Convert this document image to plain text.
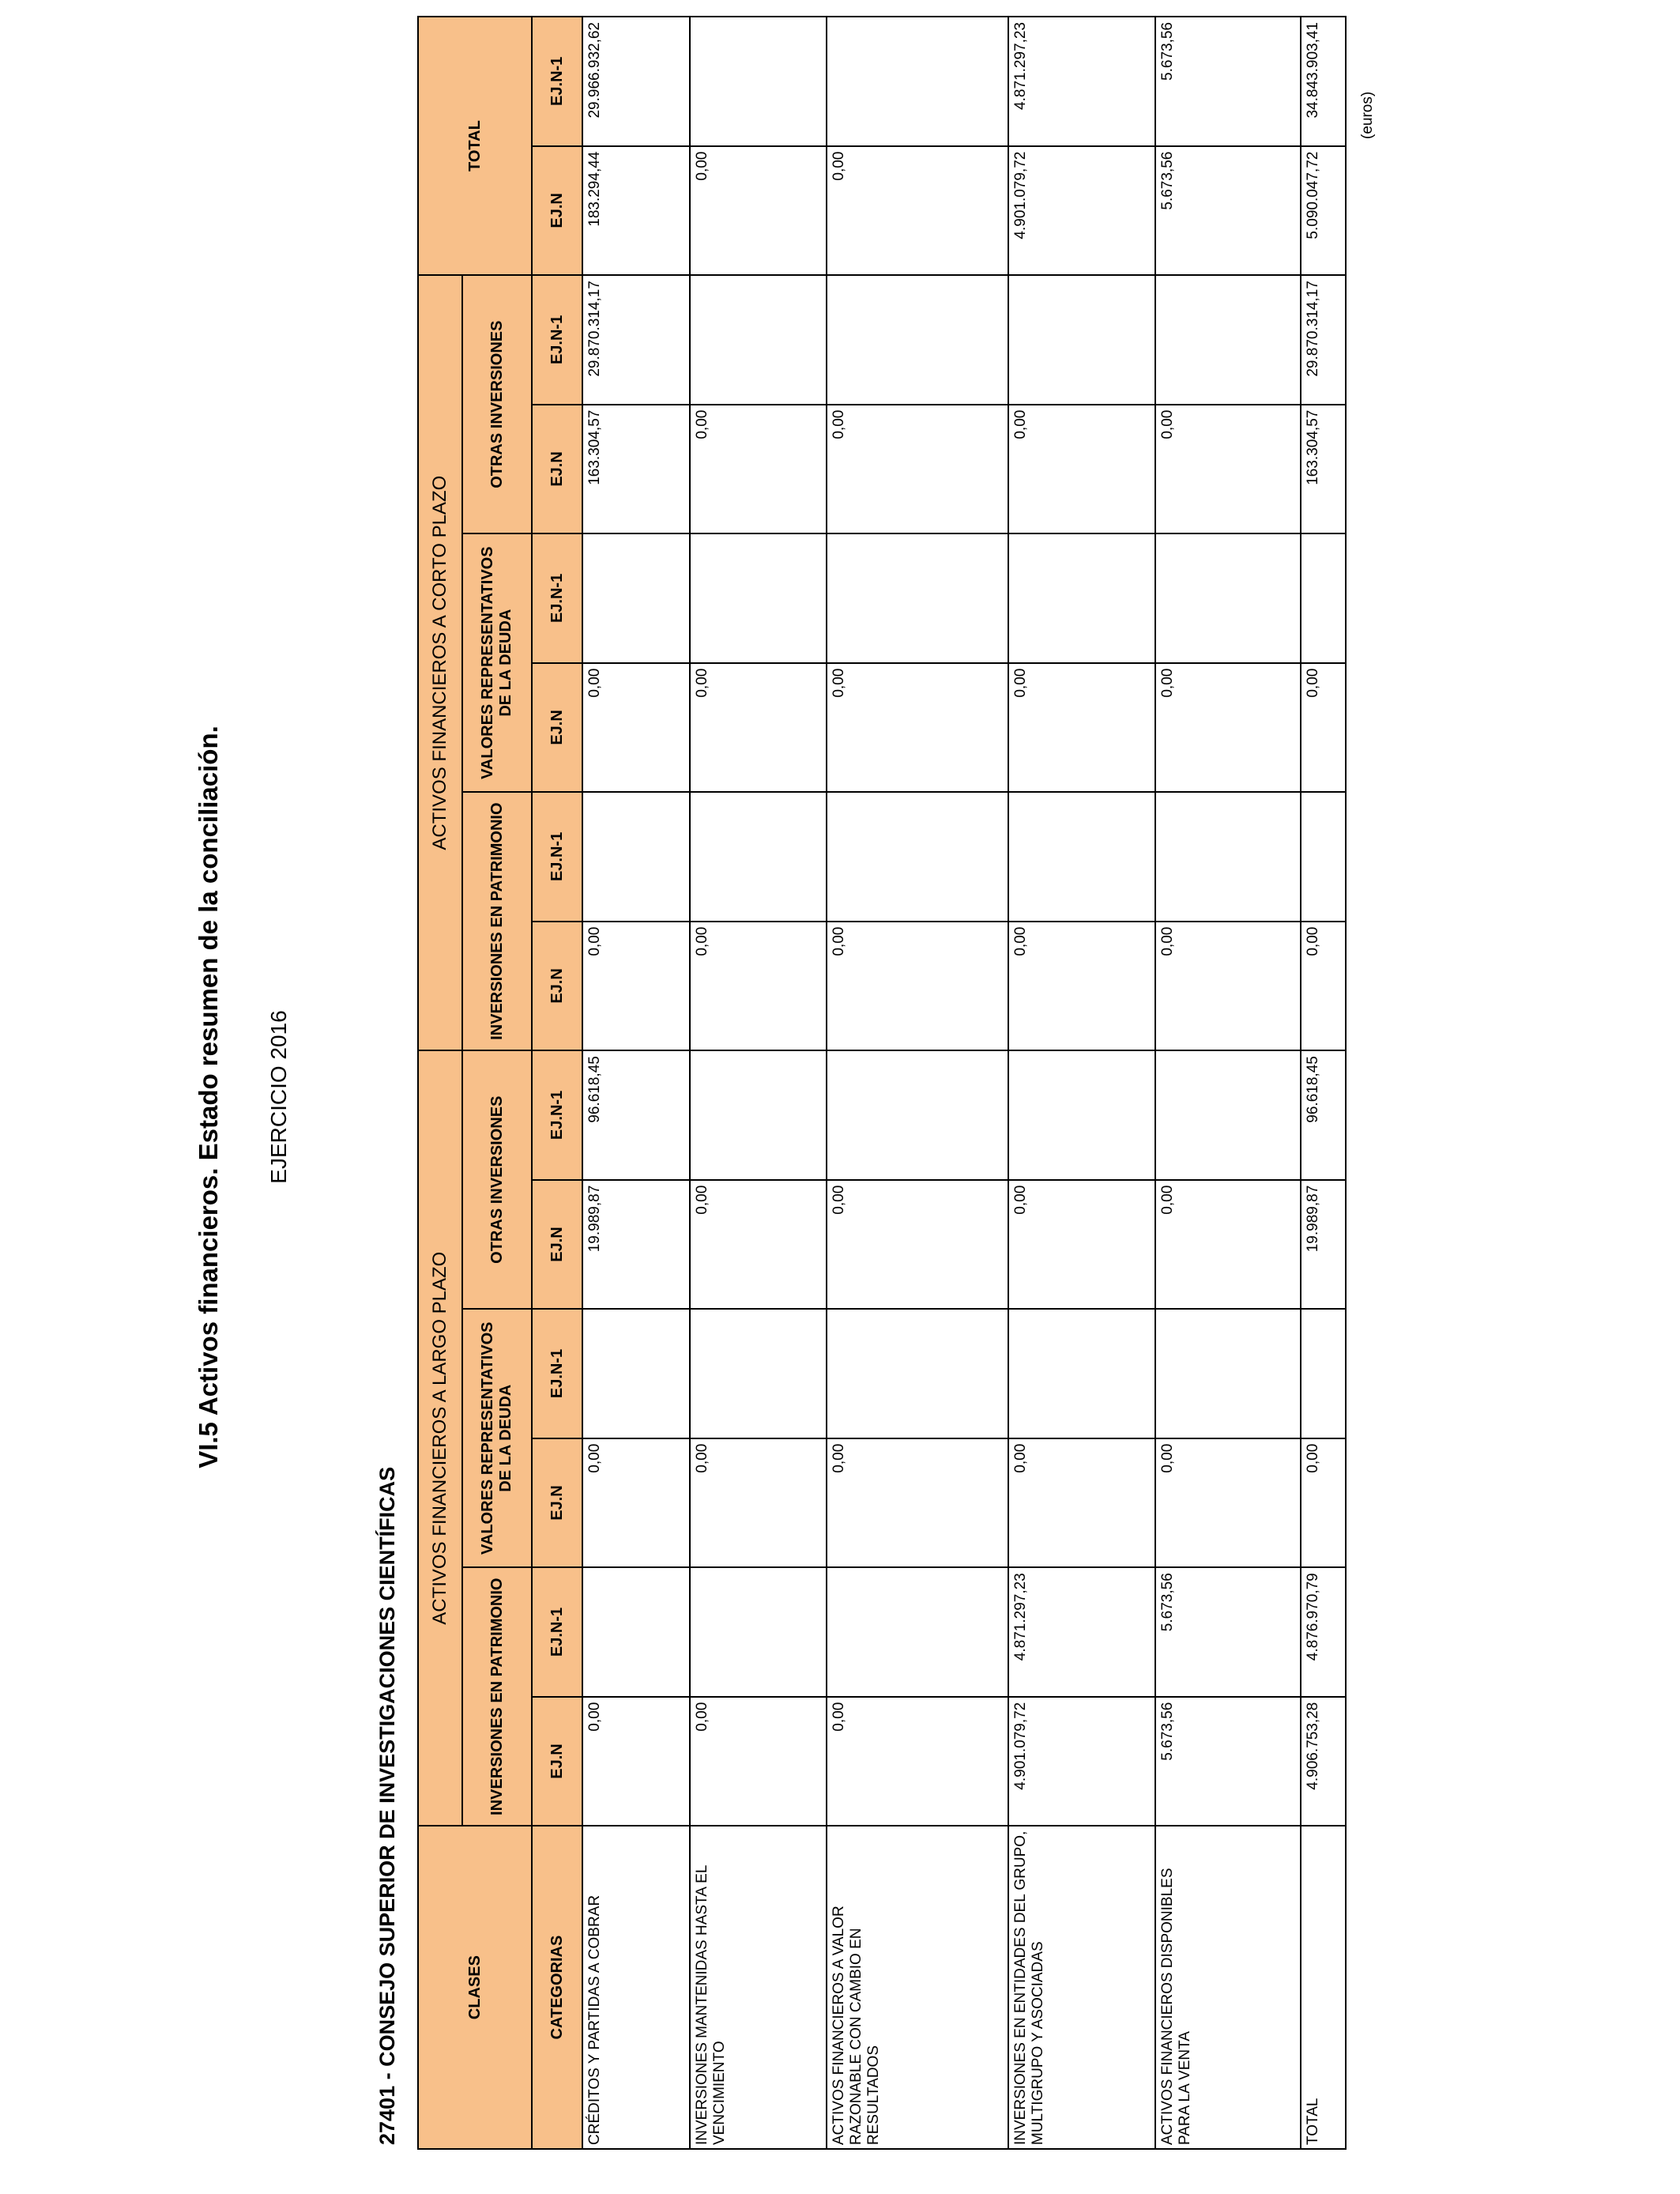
VI.5 Activos financieros. Estado resumen de la conciliación. EJERCICIO 2016
27401 - CONSEJO SUPERIOR DE INVESTIGACIONES CIENTÍFICAS
(euros)
CLASES	ACTIVOS FINANCIEROS A LARGO PLAZO						ACTIVOS FINANCIEROS A CORTO PLAZO						TOTAL	
	INVERSIONES EN PATRIMONIO		VALORES REPRESENTATIVOS DE LA DEUDA		OTRAS INVERSIONES		INVERSIONES EN PATRIMONIO		VALORES REPRESENTATIVOS DE LA DEUDA		OTRAS INVERSIONES			
CATEGORIAS	EJ.N	EJ.N-1	EJ.N	EJ.N-1	EJ.N	EJ.N-1	EJ.N	EJ.N-1	EJ.N	EJ.N-1	EJ.N	EJ.N-1	EJ.N	EJ.N-1
CRÉDITOS Y PARTIDAS A COBRAR	0,00		0,00		19.989,87	96.618,45	0,00		0,00		163.304,57	29.870.314,17	183.294,44	29.966.932,62
INVERSIONES MANTENIDAS HASTA EL VENCIMIENTO	0,00		0,00		0,00		0,00		0,00		0,00		0,00	
ACTIVOS FINANCIEROS A VALOR RAZONABLE CON CAMBIO EN RESULTADOS	0,00		0,00		0,00		0,00		0,00		0,00		0,00	
INVERSIONES EN ENTIDADES DEL GRUPO, MULTIGRUPO Y ASOCIADAS	4.901.079,72	4.871.297,23	0,00		0,00		0,00		0,00		0,00		4.901.079,72	4.871.297,23
ACTIVOS FINANCIEROS DISPONIBLES PARA LA VENTA	5.673,56	5.673,56	0,00		0,00		0,00		0,00		0,00		5.673,56	5.673,56
TOTAL	4.906.753,28	4.876.970,79	0,00		19.989,87	96.618,45	0,00		0,00		163.304,57	29.870.314,17	5.090.047,72	34.843.903,41
